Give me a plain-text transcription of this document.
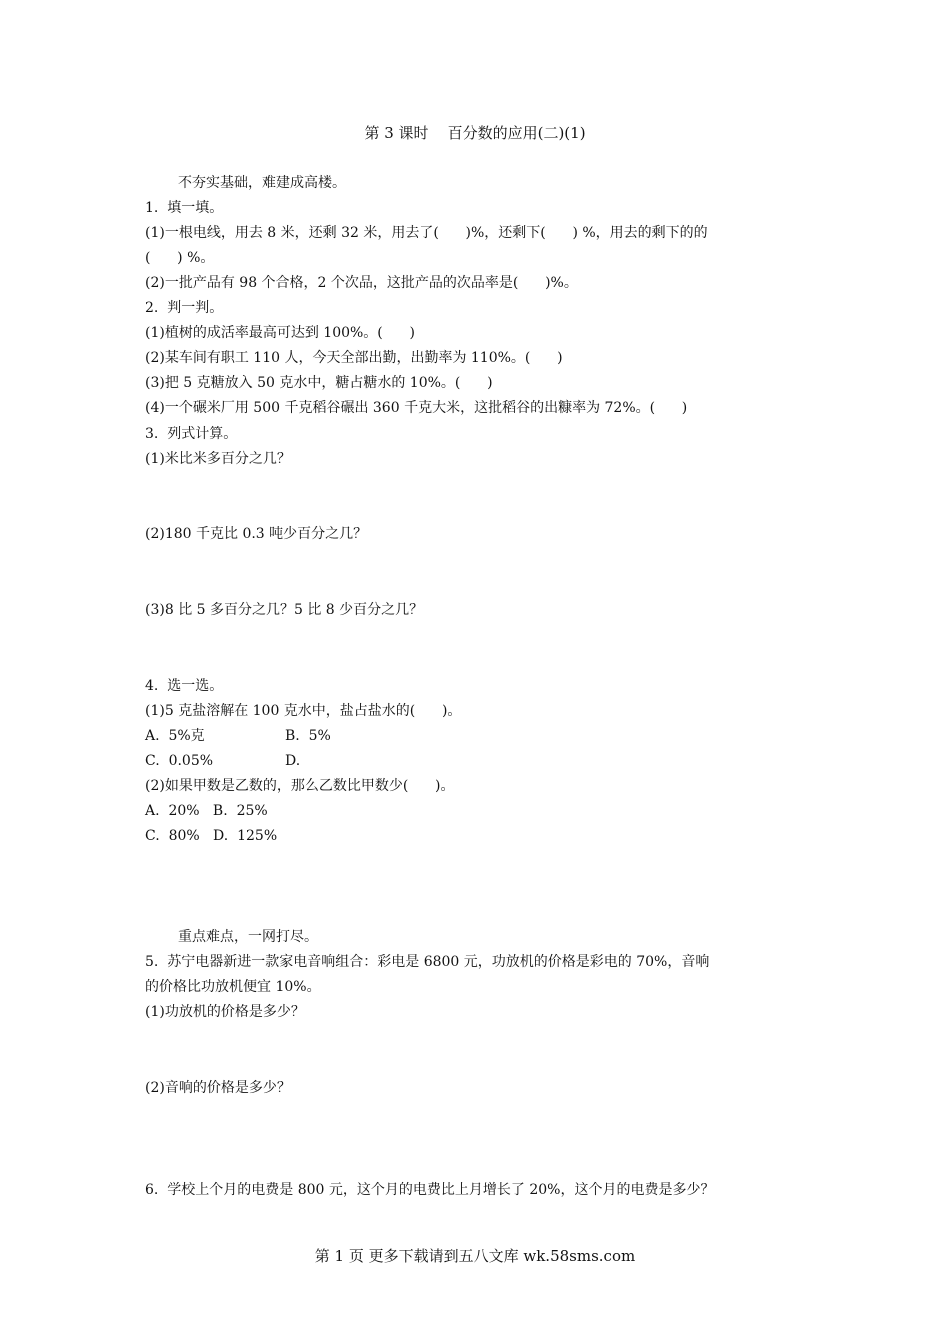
第 3 课时    百分数的应用(二)(1)
不夯实基础，难建成高楼。
1.  填一填。
(1)一根电线，用去 8 米，还剩 32 米，用去了(      )%，还剩下(      ) %，用去的剩下的的
(      ) %。
(2)一批产品有 98 个合格，2 个次品，这批产品的次品率是(      )%。
2.  判一判。
(1)植树的成活率最高可达到 100%。(      )
(2)某车间有职工 110 人，今天全部出勤，出勤率为 110%。(      )
(3)把 5 克糖放入 50 克水中，糖占糖水的 10%。(      )
(4)一个碾米厂用 500 千克稻谷碾出 360 千克大米，这批稻谷的出糠率为 72%。(      )
3.  列式计算。
(1)米比米多百分之几？
(2)180 千克比 0.3 吨少百分之几？
(3)8 比 5 多百分之几？5 比 8 少百分之几？
4.  选一选。
(1)5 克盐溶解在 100 克水中，盐占盐水的(      )。
A.  5%克	B.  5%
C.  0.05%	D.
(2)如果甲数是乙数的，那么乙数比甲数少(      )。
A.  20%   B.  25%
C.  80%   D.  125%
重点难点，一网打尽。
5.  苏宁电器新进一款家电音响组合：彩电是 6800 元，功放机的价格是彩电的 70%，音响
的价格比功放机便宜 10%。
(1)功放机的价格是多少？
(2)音响的价格是多少？
6.  学校上个月的电费是 800 元，这个月的电费比上月增长了 20%，这个月的电费是多少？
第 1 页 更多下载请到五八文库 wk.58sms.com
